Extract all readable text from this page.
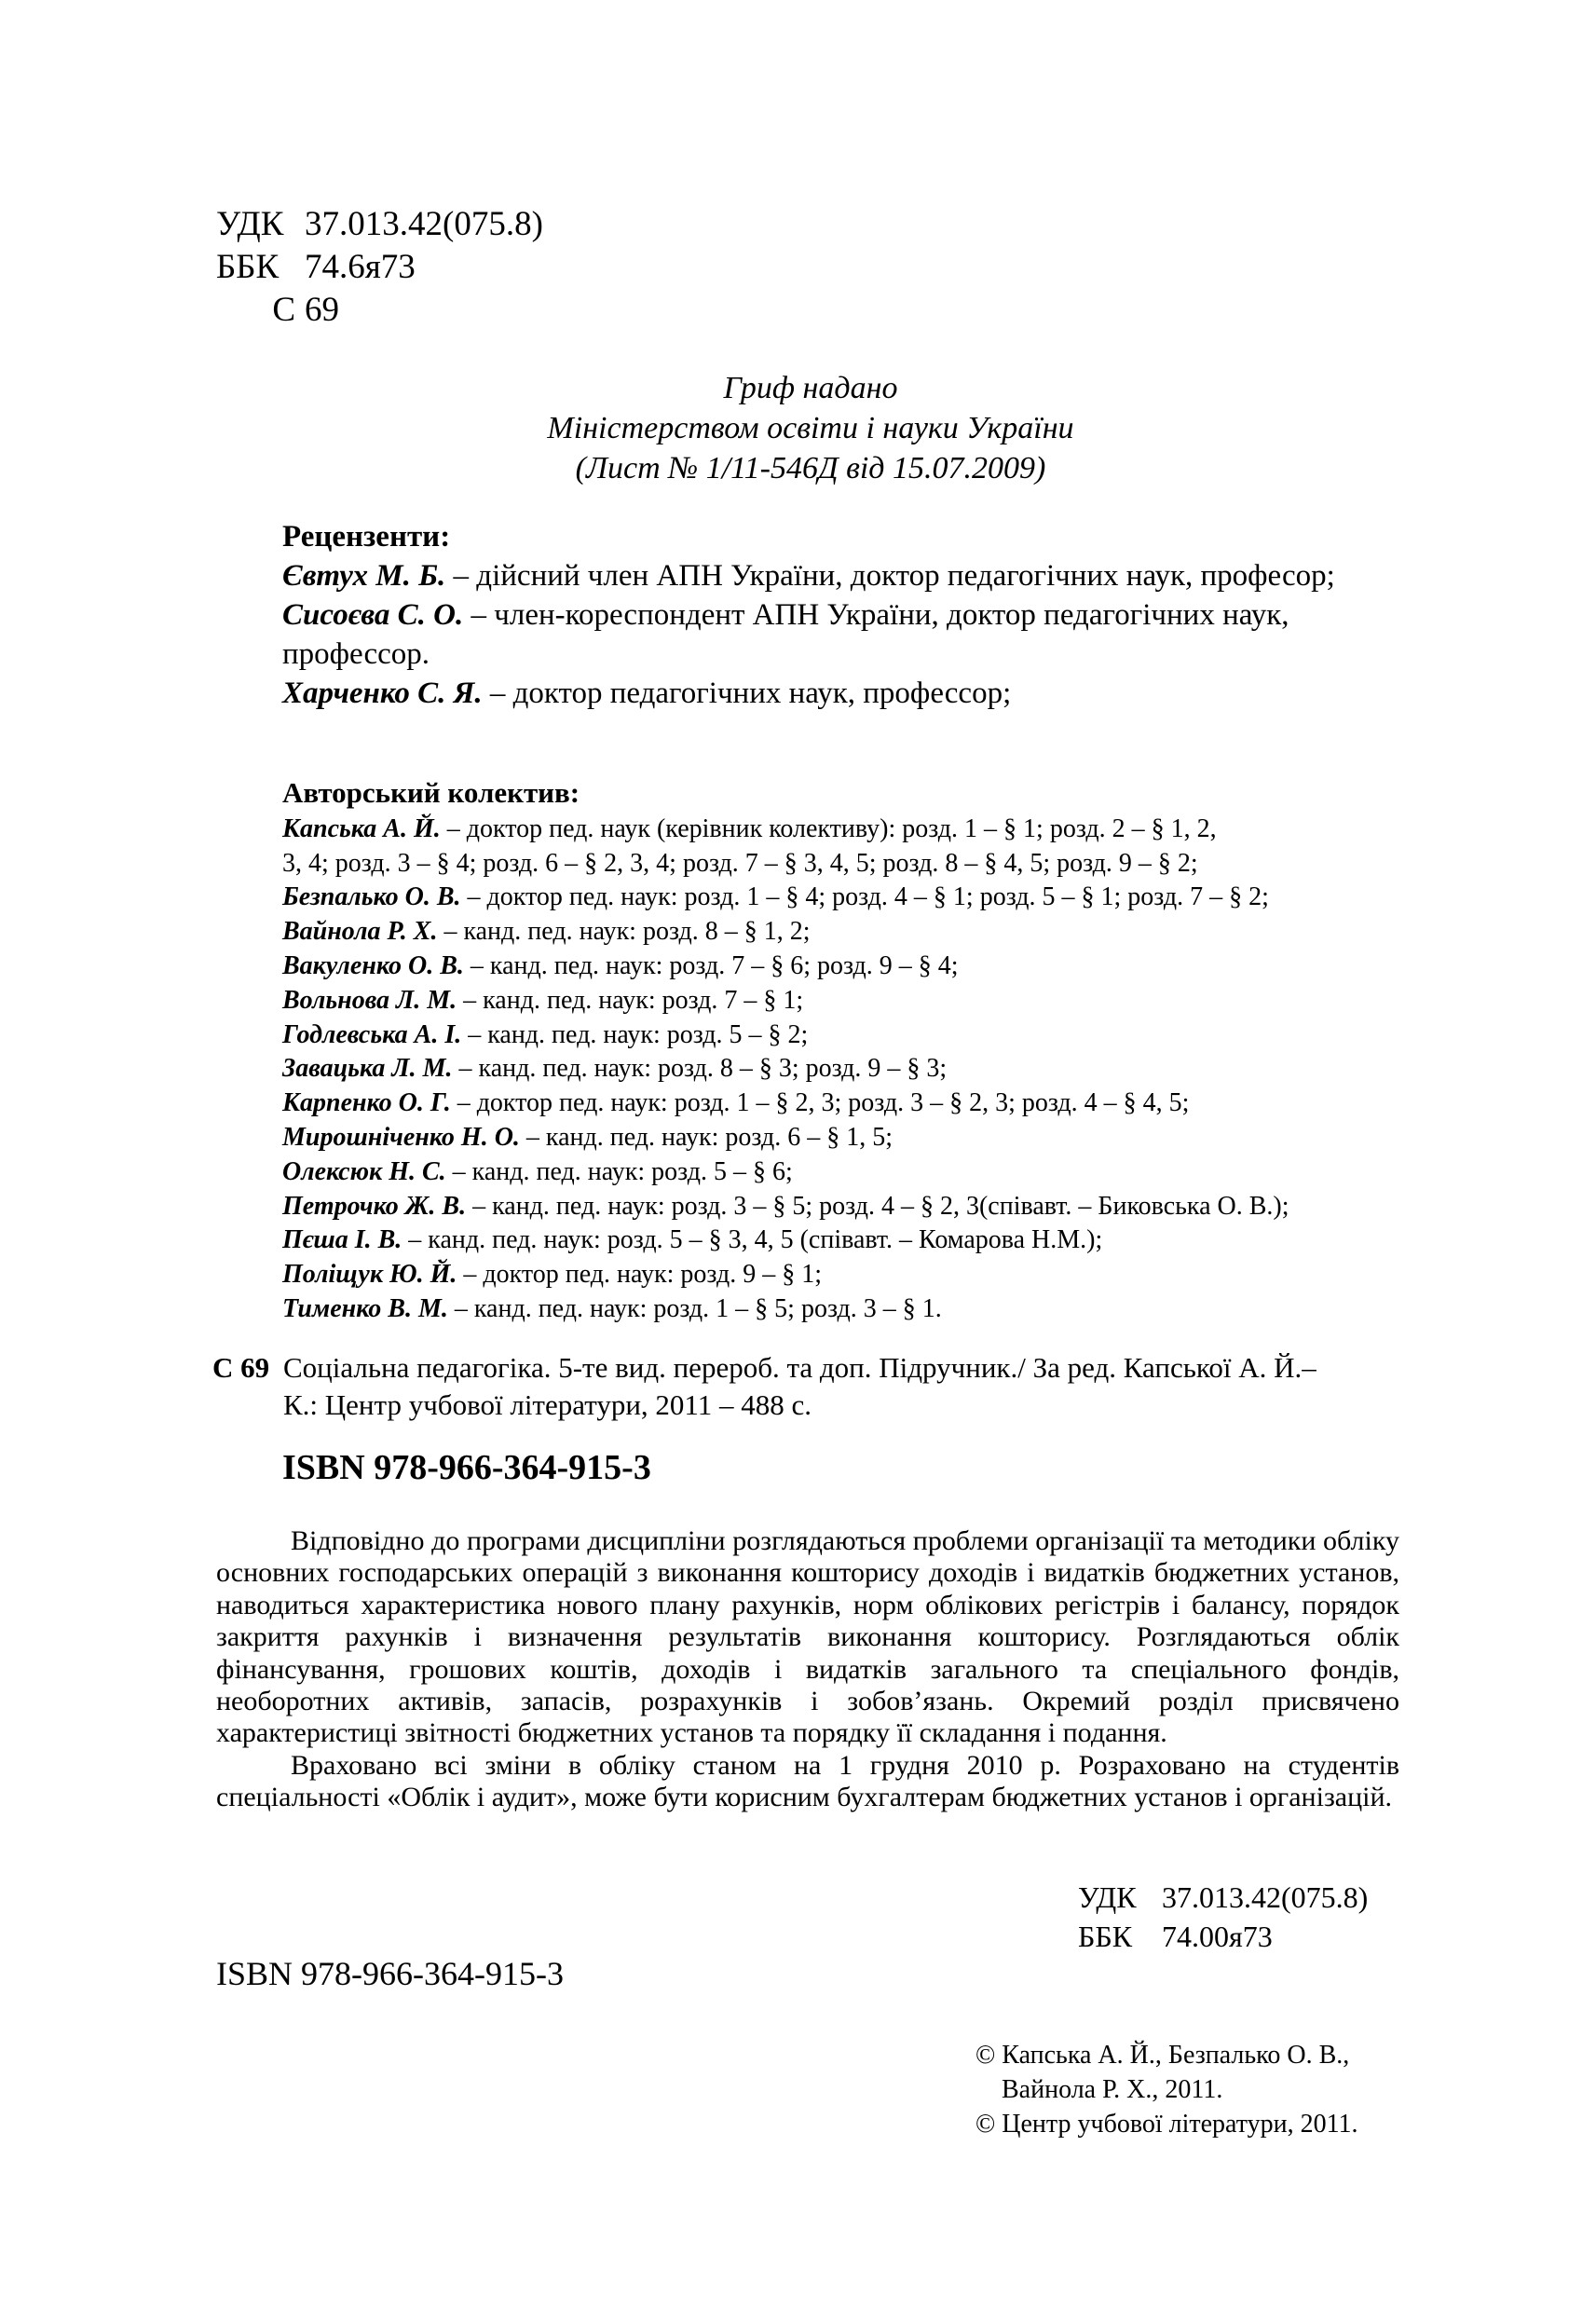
УДК 37.013.42(075.8)
ББК 74.6я73
С 69
Гриф надано
Міністерством освіти і науки України
(Лист № 1/11-546Д від 15.07.2009)
Рецензенти:
Євтух М. Б. – дійсний член АПН України, доктор педагогічних наук, професор;
Сисоєва С. О. – член-кореспондент АПН України, доктор педагогічних наук,
профессор.
Харченко С. Я. – доктор педагогічних наук, профессор;
Авторський колектив:
Капська А. Й. – доктор пед. наук (керівник колективу): розд. 1 – § 1; розд. 2 – § 1, 2,
3, 4; розд. 3 – § 4; розд. 6 – § 2, 3, 4; розд. 7 – § 3, 4, 5; розд. 8 – § 4, 5; розд. 9 – § 2;
Безпалько О. В. – доктор пед. наук: розд. 1 – § 4; розд. 4 – § 1; розд. 5 – § 1; розд. 7 – § 2;
Вайнола Р. Х. – канд. пед. наук: розд. 8 – § 1, 2;
Вакуленко О. В. – канд. пед. наук: розд. 7 – § 6; розд. 9 – § 4;
Вольнова Л. М. – канд. пед. наук: розд. 7 – § 1;
Годлевська А. І. – канд. пед. наук: розд. 5 – § 2;
Завацька Л. М. – канд. пед. наук: розд. 8 – § 3; розд. 9 – § 3;
Карпенко О. Г. – доктор пед. наук: розд. 1 – § 2, 3; розд. 3 – § 2, 3; розд. 4 – § 4, 5;
Мирошніченко Н. О. – канд. пед. наук: розд. 6 – § 1, 5;
Олексюк Н. С. – канд. пед. наук: розд. 5 – § 6;
Петрочко Ж. В. – канд. пед. наук: розд. 3 – § 5; розд. 4 – § 2, 3(співавт. – Биковська О. В.);
Пєша І. В. – канд. пед. наук: розд. 5 – § 3, 4, 5 (співавт. – Комарова Н.М.);
Поліщук Ю. Й. – доктор пед. наук: розд. 9 – § 1;
Тименко В. М. – канд. пед. наук: розд. 1 – § 5; розд. 3 – § 1.
С 69 Соціальна педагогіка. 5-те вид. перероб. та доп. Підручник./ За ред. Капської А. Й.–
К.: Центр учбової літератури, 2011 – 488 с.
ISBN 978-966-364-915-3

Відповідно до програми дисципліни розглядаються проблеми організації та методики обліку основних господарських операцій з виконання кошторису доходів і видатків бюджетних установ, наводиться характеристика нового плану рахунків, норм облікових регістрів і балансу, порядок закриття рахунків і визначення результатів виконання кошторису. Розглядаються облік фінансування, грошових коштів, доходів і видатків загального та спеціального фондів, необоротних активів, запасів, розрахунків і зобов’язань. Окремий розділ присвячено характеристиці звітності бюджетних установ та порядку її складання і подання.

Враховано всі зміни в обліку станом на 1 грудня 2010 р. Розраховано на студентів спеціальності «Облік і аудит», може бути корисним бухгалтерам бюджетних установ і організацій.

УДК 37.013.42(075.8)
ББК 74.00я73
ISBN 978-966-364-915-3
© Капська А. Й., Безпалько О. В.,
Вайнола Р. Х., 2011.
© Центр учбової літератури, 2011.
